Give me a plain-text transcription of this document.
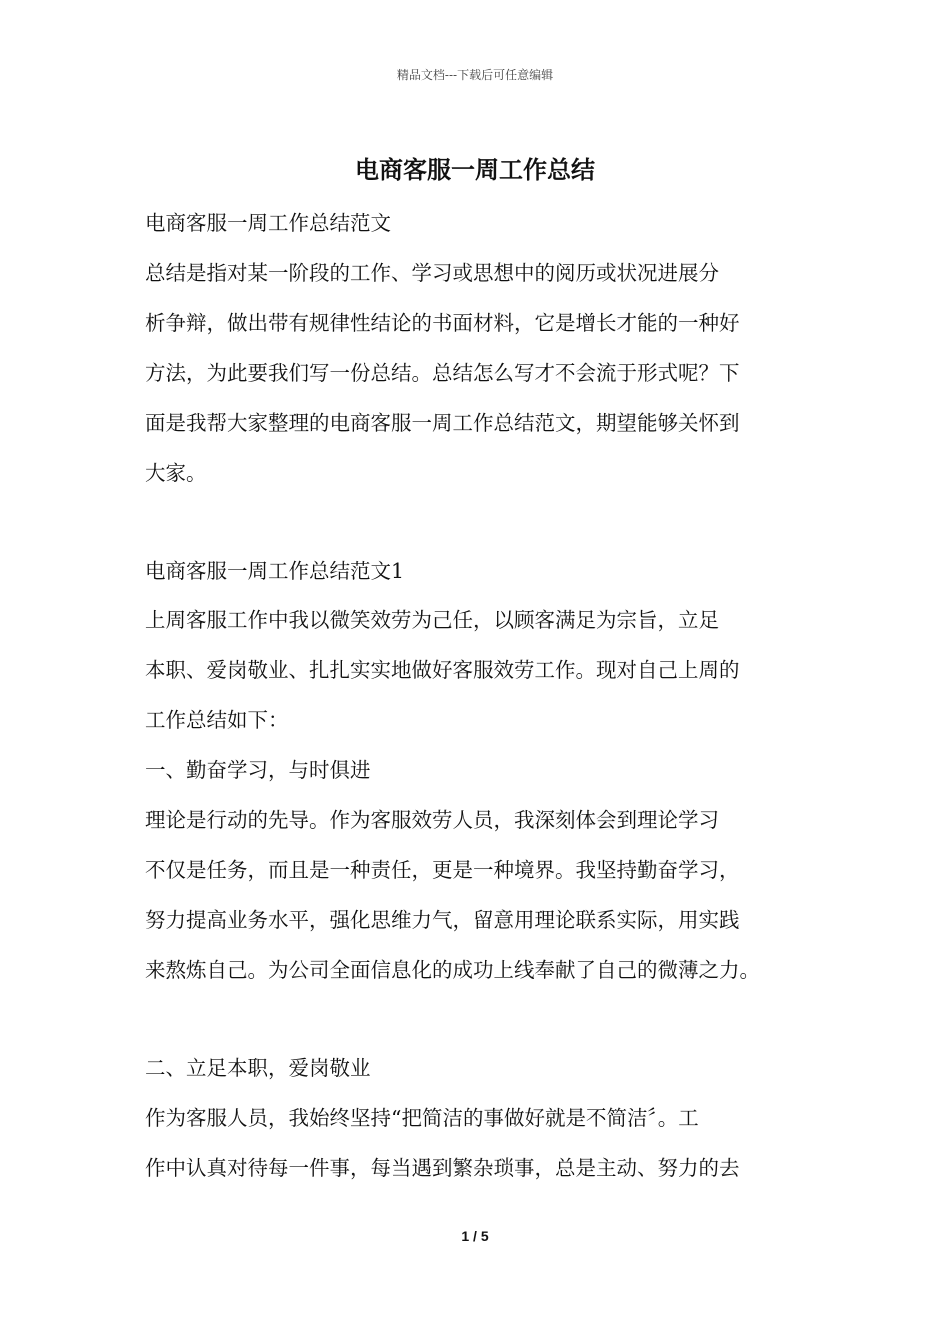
精品文档---下载后可任意编辑
电商客服一周工作总结
电商客服一周工作总结范文
总结是指对某一阶段的工作、学习或思想中的阅历或状况进展分
析争辩，做出带有规律性结论的书面材料，它是增长才能的一种好
方法，为此要我们写一份总结。总结怎么写才不会流于形式呢？下
面是我帮大家整理的电商客服一周工作总结范文，期望能够关怀到
大家。
电商客服一周工作总结范文1
上周客服工作中我以微笑效劳为己任，以顾客满足为宗旨，立足
本职、爱岗敬业、扎扎实实地做好客服效劳工作。现对自己上周的
工作总结如下：
一、勤奋学习，与时俱进
理论是行动的先导。作为客服效劳人员，我深刻体会到理论学习
不仅是任务，而且是一种责任，更是一种境界。我坚持勤奋学习，
努力提高业务水平，强化思维力气，留意用理论联系实际，用实践
来熬炼自己。为公司全面信息化的成功上线奉献了自己的微薄之力。
二、立足本职，爱岗敬业
作为客服人员，我始终坚持“把简洁的事做好就是不简洁〞。工
作中认真对待每一件事，每当遇到繁杂琐事，总是主动、努力的去
1 / 5
